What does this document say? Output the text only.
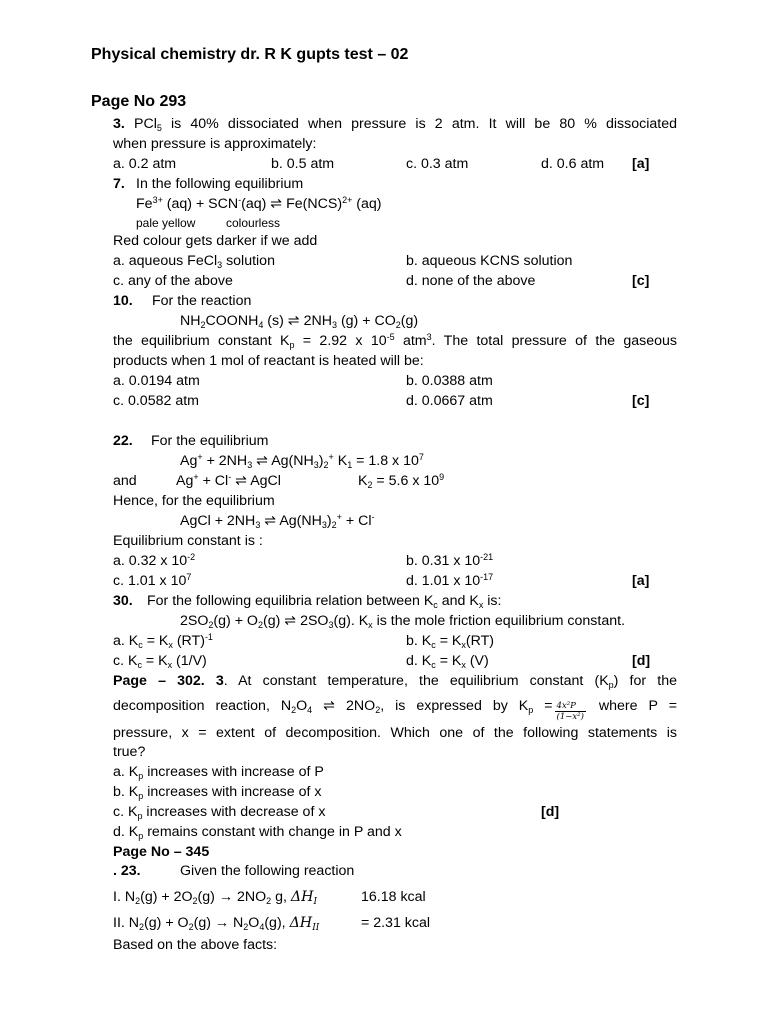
Physical chemistry dr. R K gupts test – 02
Page No 293
3. PCl$_5$ is 40% dissociated when pressure is 2 atm. It will be 80 % dissociated
when pressure is approximately:
a. 0.2 atm	b. 0.5 atm	c. 0.3 atm	d. 0.6 atm [a]
7. In the following equilibrium
$Fe^{3+}$ (aq) + SCN-(aq) ⇌ Fe(NCS)$^{2+}$ (aq)
pale yellow	colourless
Red colour gets darker if we add
a. aqueous FeCl$_3$ solution	b. aqueous KCNS solution
c. any of the above	d. none of the above	[c]
10. For the reaction
$NH_2COONH_4$ (s) ⇌ $2NH_3$ $(g) + CO_2(g)$
the equilibrium constant $K_p = 2.92$ x $10^{-5}$ atm$^3$. The total pressure of the gaseous
products when 1 mol of reactant is heated will be:
a. 0.0194 atm	b. 0.0388 atm
c. 0.0582 atm	d. 0.0667 atm	[c]
22. For the equilibrium
$Ag^+ + 2NH_3$ ⇌ $Ag(NH_3)_2^+$ $K_1 = 1.8$ x $10^7$
and	Ag+ + Cl- ⇌ AgCl	$K_2 = 5.6$ x $10^9$
Hence, for the equilibrium
AgCl + $2NH_3$ ⇌ $Ag(NH_3)_2^+ + Cl^-$
Equilibrium constant is :
a. 0.32 x $10^{-2}$	b. 0.31 x $10^{-21}$
c. 1.01 x $10^7$	d. 1.01 x $10^{-17}$	[a]
30. For the following equilibria relation between $K_c$ and $K_x$ is:
$2SO_2(g) + O_2(g)$ ⇌ $2SO_3(g)$. $K_x$ is the mole friction equilibrium constant.
a. $K_c = K_x$ (RT)$^{-1}$	b. $K_c = K_x(RT)$
c. $K_c = K_x$ (1/V)	d. $K_c = K_x$ (V)	[d]
Page – 302. 3. At constant temperature, the equilibrium constant $(K_p)$ for the
decomposition reaction, $N_2O_4$ ⇌ $2NO_2$, is expressed by $K_p = \frac{\text{4x²P}}{\text{(1−x²)}}$ where P =
pressure, x = extent of decomposition. Which one of the following statements is
true?
a. $K_p$ increases with increase of P
b. $K_p$ increases with increase of x
c. $K_p$ increases with decrease of x	[d]
d. $K_p$ remains constant with change in P and x
Page No – 345
. 23.	Given the following reaction
I. $N_2(g) + 2O_2(g) \to 2NO_2$ g, $\Delta H_I$	16.18 kcal
II. $N_2(g) + O_2(g) \to N_2O_4(g)$, $\Delta H_{II}$	= 2.31 kcal
Based on the above facts:
